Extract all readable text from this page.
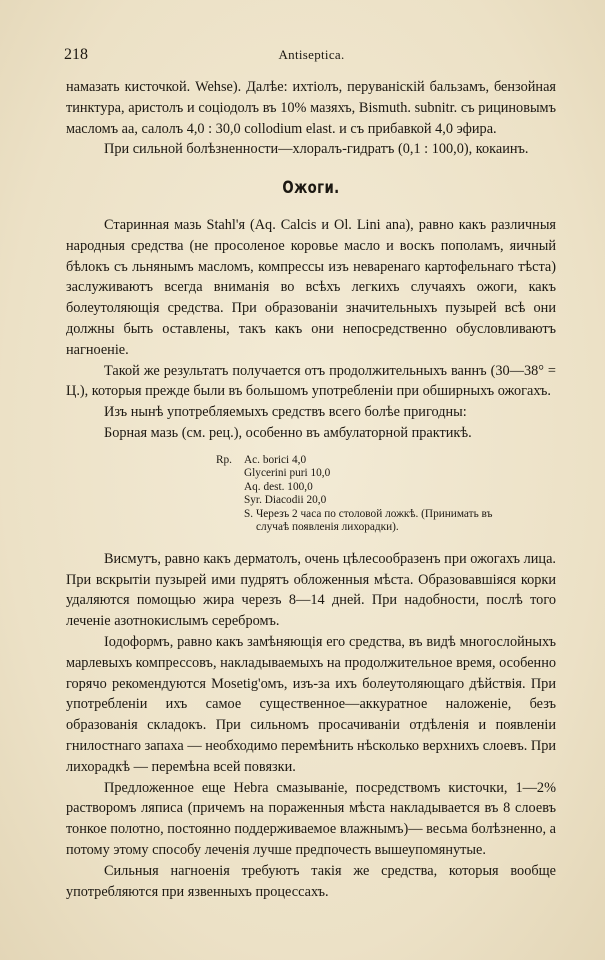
218	Antiseptica.

намазать кисточкой. Wehse). Далѣе: ихтіолъ, перуваніскій бальзамъ, бензойная тинктура, аристолъ и соціодолъ въ 10% мазяхъ, Bismuth. subnitr. съ рициновымъ масломъ aa, салолъ 4,0 : 30,0 collodium elast. и съ прибавкой 4,0 эфира.

При сильной болѣзненности—хлоралъ-гидратъ (0,1 : 100,0), кокаинъ.

Ожоги.

Старинная мазь Stahl'я (Aq. Calcis и Ol. Lini ana), равно какъ различныя народныя средства (не просоленое коровье масло и воскъ пополамъ, яичный бѣлокъ съ льнянымъ масломъ, компрессы изъ неваренаго картофельнаго тѣста) заслуживаютъ всегда вниманія во всѣхъ легкихъ случаяхъ ожоги, какъ болеутоляющія средства. При образованіи значительныхъ пузырей всѣ они должны быть оставлены, такъ какъ они непосредственно обусловливаютъ нагноеніе.

Такой же результатъ получается отъ продолжительныхъ ваннъ (30—38° = Ц.), которыя прежде были въ большомъ употребленіи при обширныхъ ожогахъ.

Изъ нынѣ употребляемыхъ средствъ всего болѣе пригодны:

Борная мазь (см. рец.), особенно въ амбулаторной практикѣ.

Rp.	Ac. borici 4,0
Glycerini puri 10,0
Aq. dest. 100,0
Syr. Diacodii 20,0
S. Черезъ 2 часа по столовой ложкѣ. (Принимать въ
случаѣ появленія лихорадки).

Висмутъ, равно какъ дерматолъ, очень цѣлесообразенъ при ожогахъ лица. При вскрытіи пузырей ими пудрятъ обложенныя мѣста. Образовавшіяся корки удаляются помощью жира черезъ 8—14 дней. При надобности, послѣ того леченіе азотнокислымъ серебромъ.

Іодоформъ, равно какъ замѣняющія его средства, въ видѣ многослойныхъ марлевыхъ компрессовъ, накладываемыхъ на продолжительное время, особенно горячо рекомендуются Mosetig'омъ, изъ-за ихъ болеутоляющаго дѣйствія. При употребленіи ихъ самое существенное—аккуратное наложеніе, безъ образованія складокъ. При сильномъ просачиваніи отдѣленія и появленіи гнилостнаго запаха — необходимо перемѣнить нѣсколько верхнихъ слоевъ. При лихорадкѣ — перемѣна всей повязки.

Предложенное еще Hebra смазываніе, посредствомъ кисточки, 1—2% растворомъ ляписа (причемъ на пораженныя мѣста накладывается въ 8 слоевъ тонкое полотно, постоянно поддерживаемое влажнымъ)— весьма болѣзненно, а потому этому способу леченія лучше предпочесть вышеупомянутые.

Сильныя нагноенія требуютъ такія же средства, которыя вообще употребляются при язвенныхъ процессахъ.
